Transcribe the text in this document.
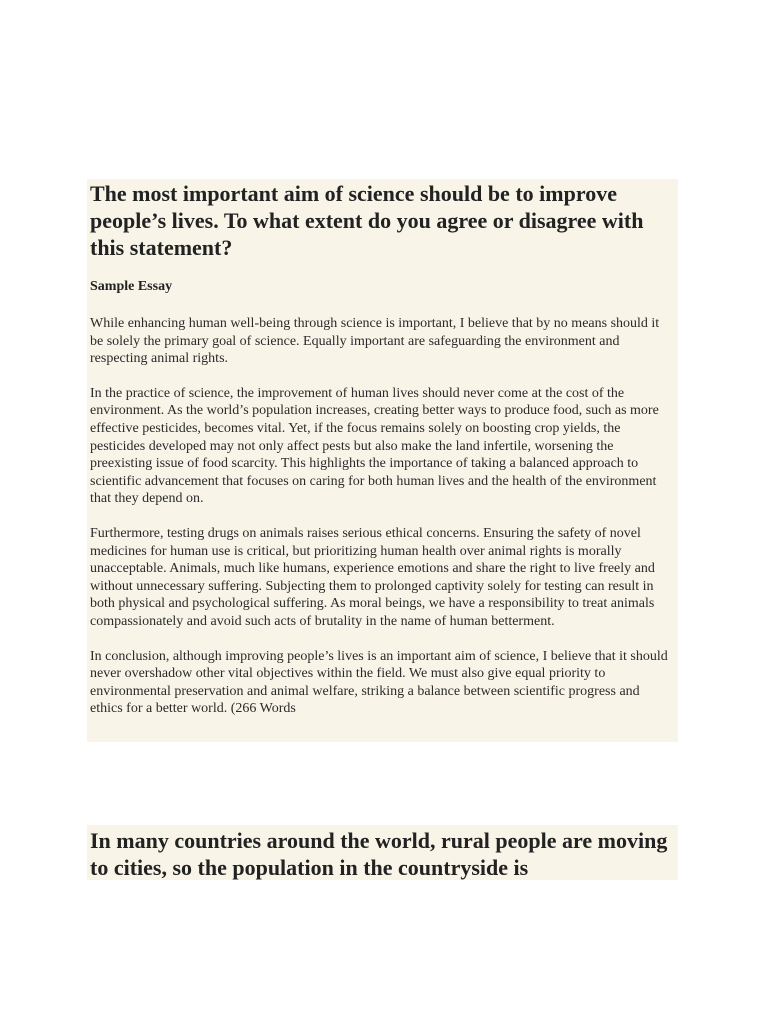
The most important aim of science should be to improve people’s lives. To what extent do you agree or disagree with this statement?

Sample Essay

While enhancing human well-being through science is important, I believe that by no means should it be solely the primary goal of science. Equally important are safeguarding the environment and respecting animal rights.

In the practice of science, the improvement of human lives should never come at the cost of the environment. As the world’s population increases, creating better ways to produce food, such as more effective pesticides, becomes vital. Yet, if the focus remains solely on boosting crop yields, the pesticides developed may not only affect pests but also make the land infertile, worsening the preexisting issue of food scarcity. This highlights the importance of taking a balanced approach to scientific advancement that focuses on caring for both human lives and the health of the environment that they depend on.

Furthermore, testing drugs on animals raises serious ethical concerns. Ensuring the safety of novel medicines for human use is critical, but prioritizing human health over animal rights is morally unacceptable. Animals, much like humans, experience emotions and share the right to live freely and without unnecessary suffering. Subjecting them to prolonged captivity solely for testing can result in both physical and psychological suffering. As moral beings, we have a responsibility to treat animals compassionately and avoid such acts of brutality in the name of human betterment.

In conclusion, although improving people’s lives is an important aim of science, I believe that it should never overshadow other vital objectives within the field. We must also give equal priority to environmental preservation and animal welfare, striking a balance between scientific progress and ethics for a better world. (266 Words

In many countries around the world, rural people are moving to cities, so the population in the countryside is
